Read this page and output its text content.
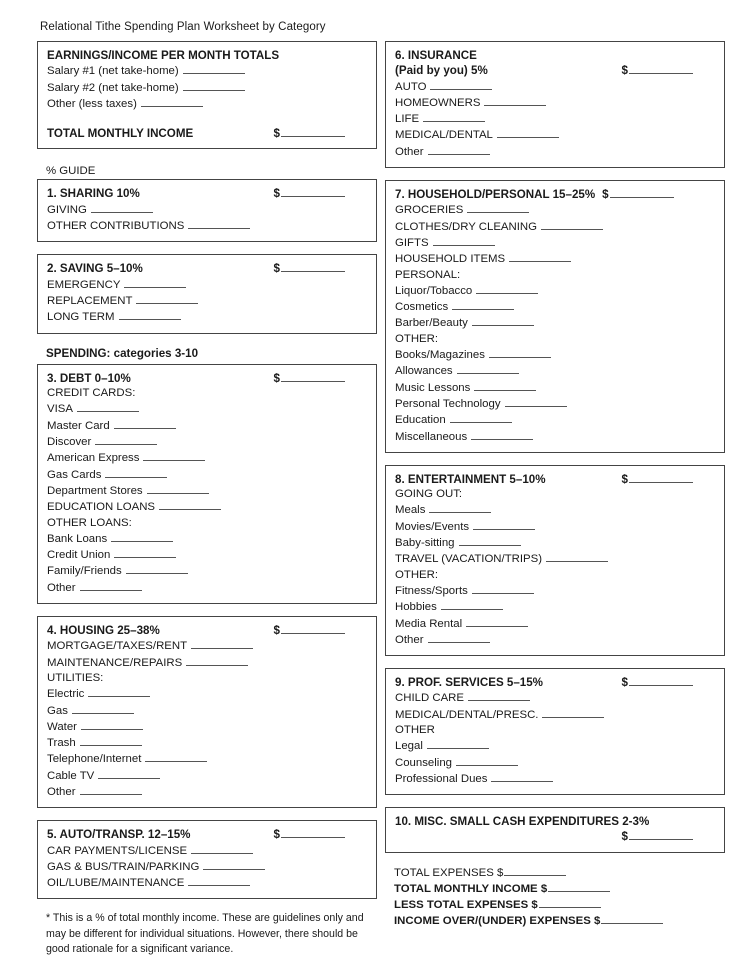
Relational Tithe Spending Plan Worksheet by Category
EARNINGS/INCOME PER MONTH TOTALS
Salary #1 (net take-home)
Salary #2 (net take-home)
Other (less taxes)
TOTAL MONTHLY INCOME	$
% GUIDE
1. SHARING 10%	$
GIVING
OTHER CONTRIBUTIONS
2. SAVING 5–10%	$
EMERGENCY
REPLACEMENT
LONG TERM
SPENDING: categories 3-10
3. DEBT 0–10%	$
CREDIT CARDS:
VISA
Master Card
Discover
American Express
Gas Cards
Department Stores
EDUCATION LOANS
OTHER LOANS:
Bank Loans
Credit Union
Family/Friends
Other
4. HOUSING 25–38%	$
MORTGAGE/TAXES/RENT
MAINTENANCE/REPAIRS
UTILITIES:
Electric
Gas
Water
Trash
Telephone/Internet
Cable TV
Other
5. AUTO/TRANSP. 12–15%	$
CAR PAYMENTS/LICENSE
GAS & BUS/TRAIN/PARKING
OIL/LUBE/MAINTENANCE
* This is a % of total monthly income. These are guidelines only and may be different for individual situations. However, there should be good rationale for a significant variance.
6. INSURANCE
(Paid by you) 5%	$
AUTO
HOMEOWNERS
LIFE
MEDICAL/DENTAL
Other
7. HOUSEHOLD/PERSONAL 15–25% $
GROCERIES
CLOTHES/DRY CLEANING
GIFTS
HOUSEHOLD ITEMS
PERSONAL:
Liquor/Tobacco
Cosmetics
Barber/Beauty
OTHER:
Books/Magazines
Allowances
Music Lessons
Personal Technology
Education
Miscellaneous
8. ENTERTAINMENT 5–10%	$
GOING OUT:
Meals
Movies/Events
Baby-sitting
TRAVEL (VACATION/TRIPS)
OTHER:
Fitness/Sports
Hobbies
Media Rental
Other
9. PROF. SERVICES 5–15%	$
CHILD CARE
MEDICAL/DENTAL/PRESC.
OTHER
Legal
Counseling
Professional Dues
10. MISC. SMALL CASH EXPENDITURES 2-3%
$
TOTAL EXPENSES $
TOTAL MONTHLY INCOME $
LESS TOTAL EXPENSES $
INCOME OVER/(UNDER) EXPENSES $
